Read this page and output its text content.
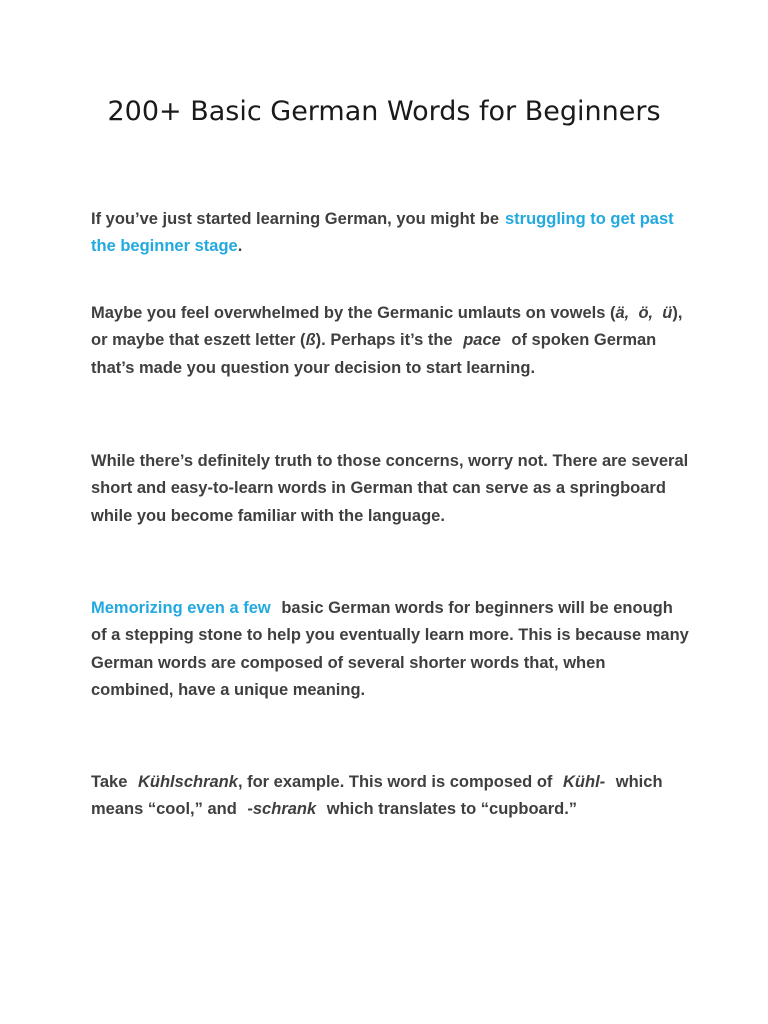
200+ Basic German Words for Beginners

If you’ve just started learning German, you might be struggling to get past the beginner stage.

Maybe you feel overwhelmed by the Germanic umlauts on vowels (ä, ö, ü), or maybe that eszett letter (ß). Perhaps it’s the pace of spoken German that’s made you question your decision to start learning.

While there’s definitely truth to those concerns, worry not. There are several short and easy-to-learn words in German that can serve as a springboard while you become familiar with the language.

Memorizing even a few basic German words for beginners will be enough of a stepping stone to help you eventually learn more. This is because many German words are composed of several shorter words that, when combined, have a unique meaning.

Take Kühlschrank, for example. This word is composed of Kühl- which means “cool,” and -schrank which translates to “cupboard.”
